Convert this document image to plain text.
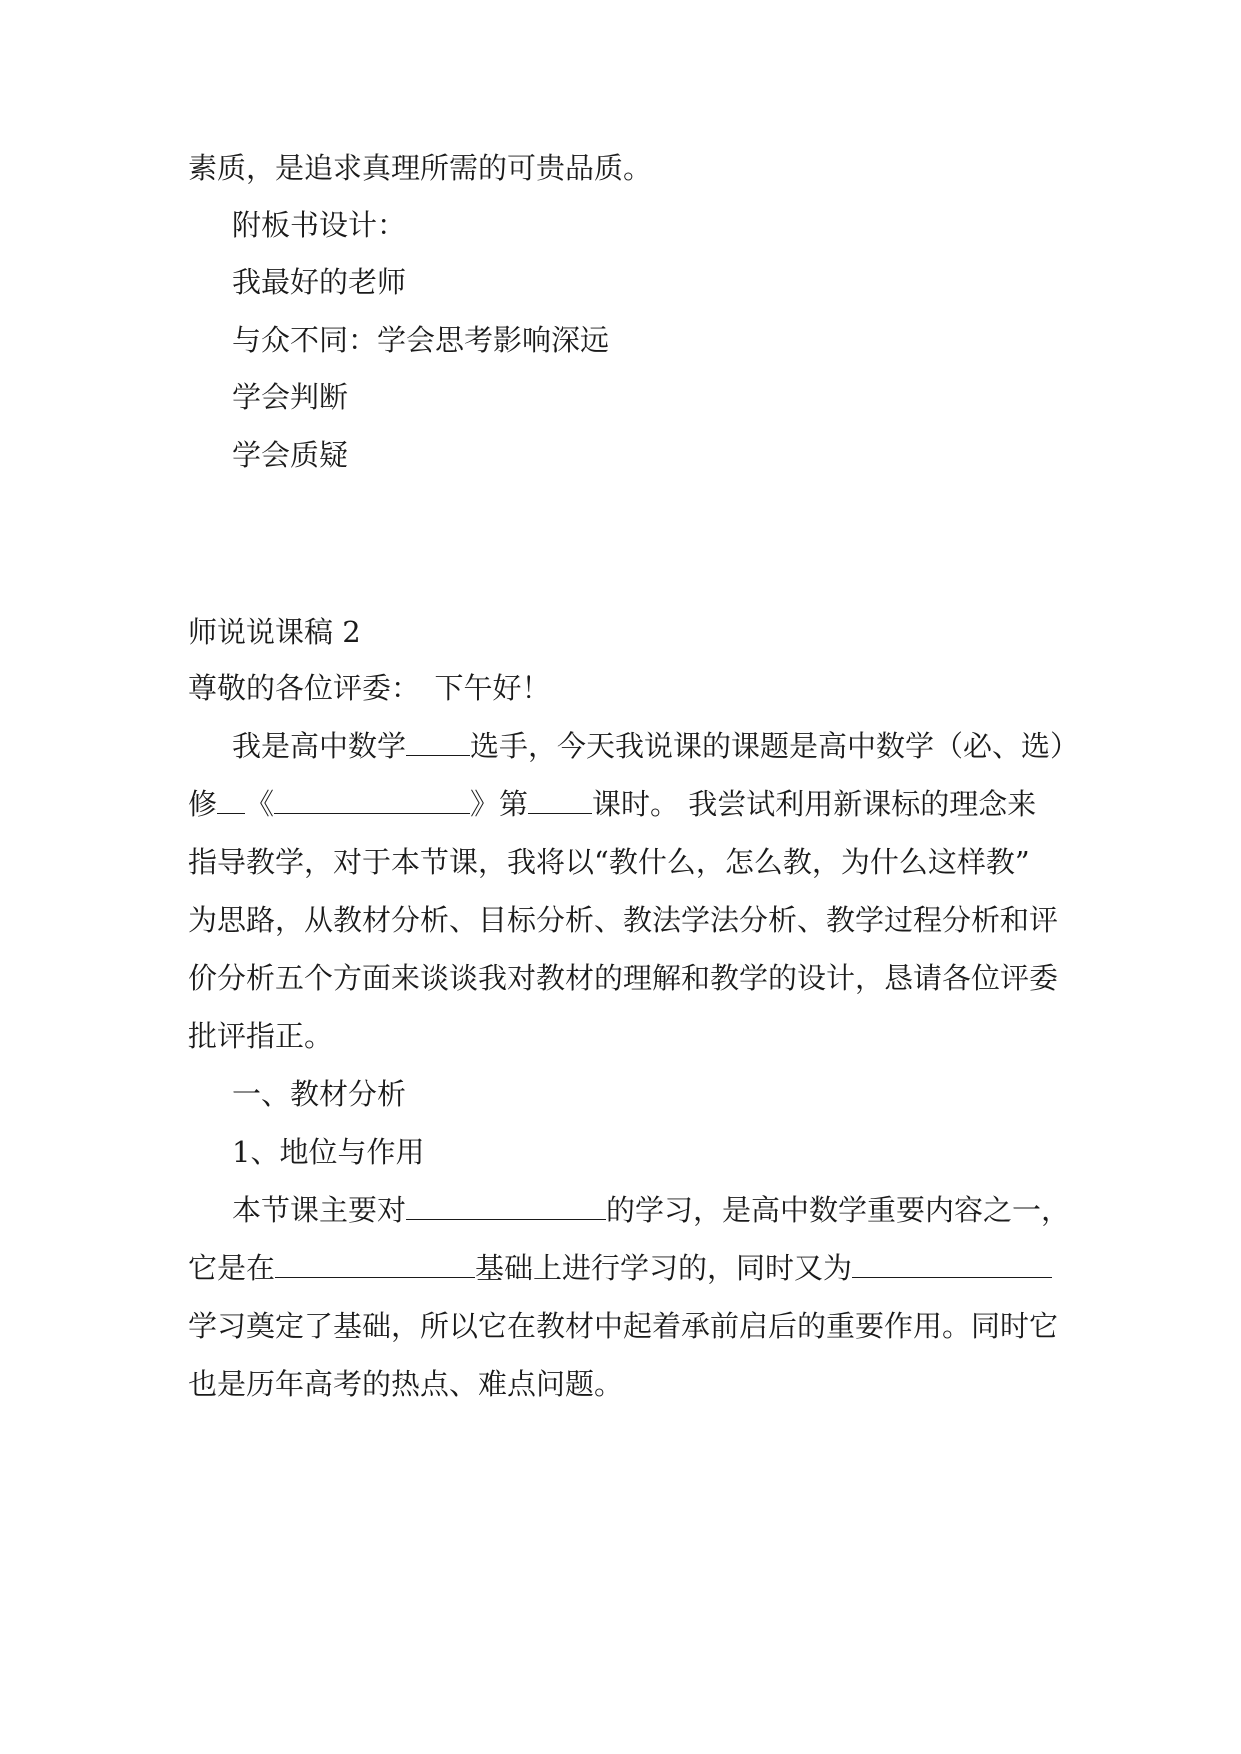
素质，是追求真理所需的可贵品质。
附板书设计：
我最好的老师
与众不同：学会思考影响深远
学会判断
学会质疑
师说说课稿 2
尊敬的各位评委：　下午好！
我是高中数学 选手，今天我说课的课题是高中数学（必、选）
修 《	》第 课时。 我尝试利用新课标的理念来
指导教学，对于本节课，我将以“教什么，怎么教，为什么这样教”
为思路，从教材分析、目标分析、教法学法分析、教学过程分析和评
价分析五个方面来谈谈我对教材的理解和教学的设计，恳请各位评委
批评指正。
一、教材分析
1、地位与作用
本节课主要对	的学习，是高中数学重要内容之一，
它是在	基础上进行学习的，同时又为
学习奠定了基础，所以它在教材中起着承前启后的重要作用。同时它
也是历年高考的热点、难点问题。
